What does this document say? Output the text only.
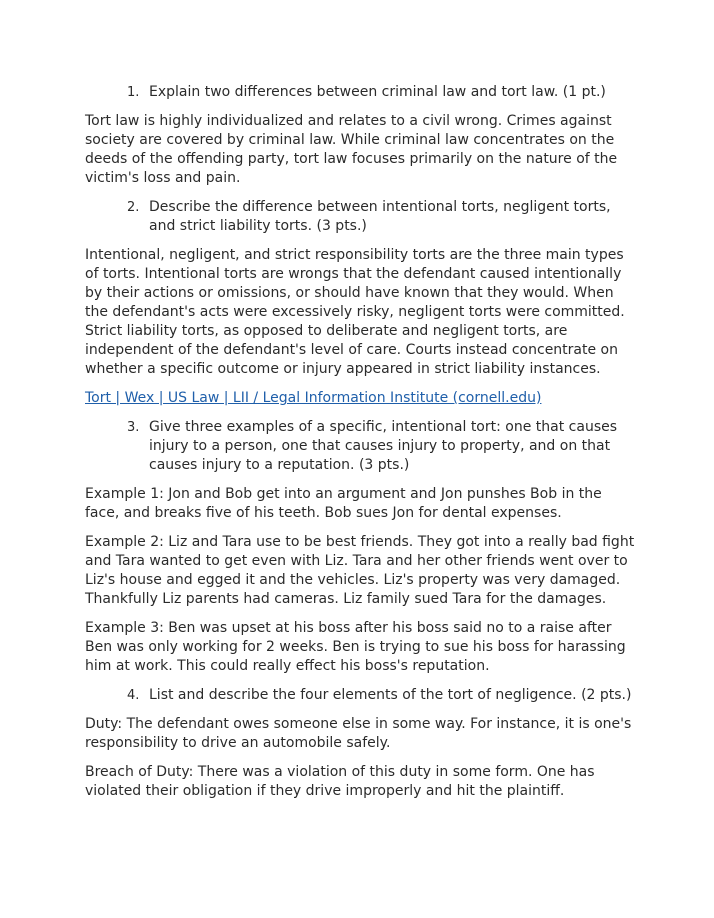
1. Explain two differences between criminal law and tort law. (1 pt.)

Tort law is highly individualized and relates to a civil wrong. Crimes against society are covered by criminal law. While criminal law concentrates on the deeds of the offending party, tort law focuses primarily on the nature of the victim's loss and pain.

2. Describe the difference between intentional torts, negligent torts, and strict liability torts. (3 pts.)

Intentional, negligent, and strict responsibility torts are the three main types of torts. Intentional torts are wrongs that the defendant caused intentionally by their actions or omissions, or should have known that they would. When the defendant's acts were excessively risky, negligent torts were committed. Strict liability torts, as opposed to deliberate and negligent torts, are independent of the defendant's level of care. Courts instead concentrate on whether a specific outcome or injury appeared in strict liability instances.

Tort | Wex | US Law | LII / Legal Information Institute (cornell.edu)

3. Give three examples of a specific, intentional tort: one that causes injury to a person, one that causes injury to property, and on that causes injury to a reputation. (3 pts.)

Example 1: Jon and Bob get into an argument and Jon punshes Bob in the face, and breaks five of his teeth. Bob sues Jon for dental expenses.

Example 2: Liz and Tara use to be best friends. They got into a really bad fight and Tara wanted to get even with Liz. Tara and her other friends went over to Liz's house and egged it and the vehicles. Liz's property was very damaged. Thankfully Liz parents had cameras. Liz family sued Tara for the damages.

Example 3: Ben was upset at his boss after his boss said no to a raise after Ben was only working for 2 weeks. Ben is trying to sue his boss for harassing him at work. This could really effect his boss's reputation.

4. List and describe the four elements of the tort of negligence. (2 pts.)

Duty: The defendant owes someone else in some way. For instance, it is one's responsibility to drive an automobile safely.

Breach of Duty: There was a violation of this duty in some form. One has violated their obligation if they drive improperly and hit the plaintiff.
